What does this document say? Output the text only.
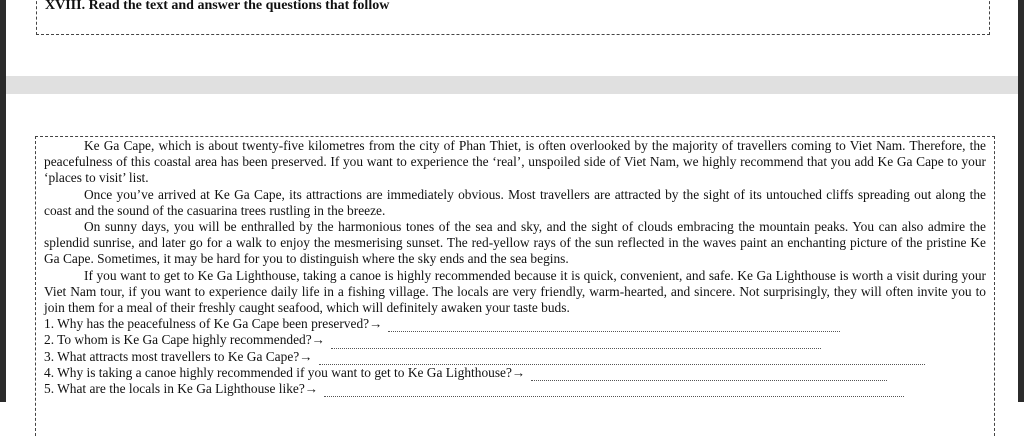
XVIII. Read the text and answer the questions that follow

Ke Ga Cape, which is about twenty-five kilometres from the city of Phan Thiet, is often overlooked by the majority of travellers coming to Viet Nam. Therefore, the peacefulness of this coastal area has been preserved. If you want to experience the ‘real’, unspoiled side of Viet Nam, we highly recommend that you add Ke Ga Cape to your ‘places to visit’ list.

Once you’ve arrived at Ke Ga Cape, its attractions are immediately obvious. Most travellers are attracted by the sight of its untouched cliffs spreading out along the coast and the sound of the casuarina trees rustling in the breeze.

On sunny days, you will be enthralled by the harmonious tones of the sea and sky, and the sight of clouds embracing the mountain peaks. You can also admire the splendid sunrise, and later go for a walk to enjoy the mesmerising sunset. The red-yellow rays of the sun reflected in the waves paint an enchanting picture of the pristine Ke Ga Cape. Sometimes, it may be hard for you to distinguish where the sky ends and the sea begins.

If you want to get to Ke Ga Lighthouse, taking a canoe is highly recommended because it is quick, convenient, and safe. Ke Ga Lighthouse is worth a visit during your Viet Nam tour, if you want to experience daily life in a fishing village. The locals are very friendly, warm-hearted, and sincere. Not surprisingly, they will often invite you to join them for a meal of their freshly caught seafood, which will definitely awaken your taste buds.

1. Why has the peacefulness of Ke Ga Cape been preserved?→
2. To whom is Ke Ga Cape highly recommended?→
3. What attracts most travellers to Ke Ga Cape?→
4. Why is taking a canoe highly recommended if you want to get to Ke Ga Lighthouse?→
5. What are the locals in Ke Ga Lighthouse like?→
